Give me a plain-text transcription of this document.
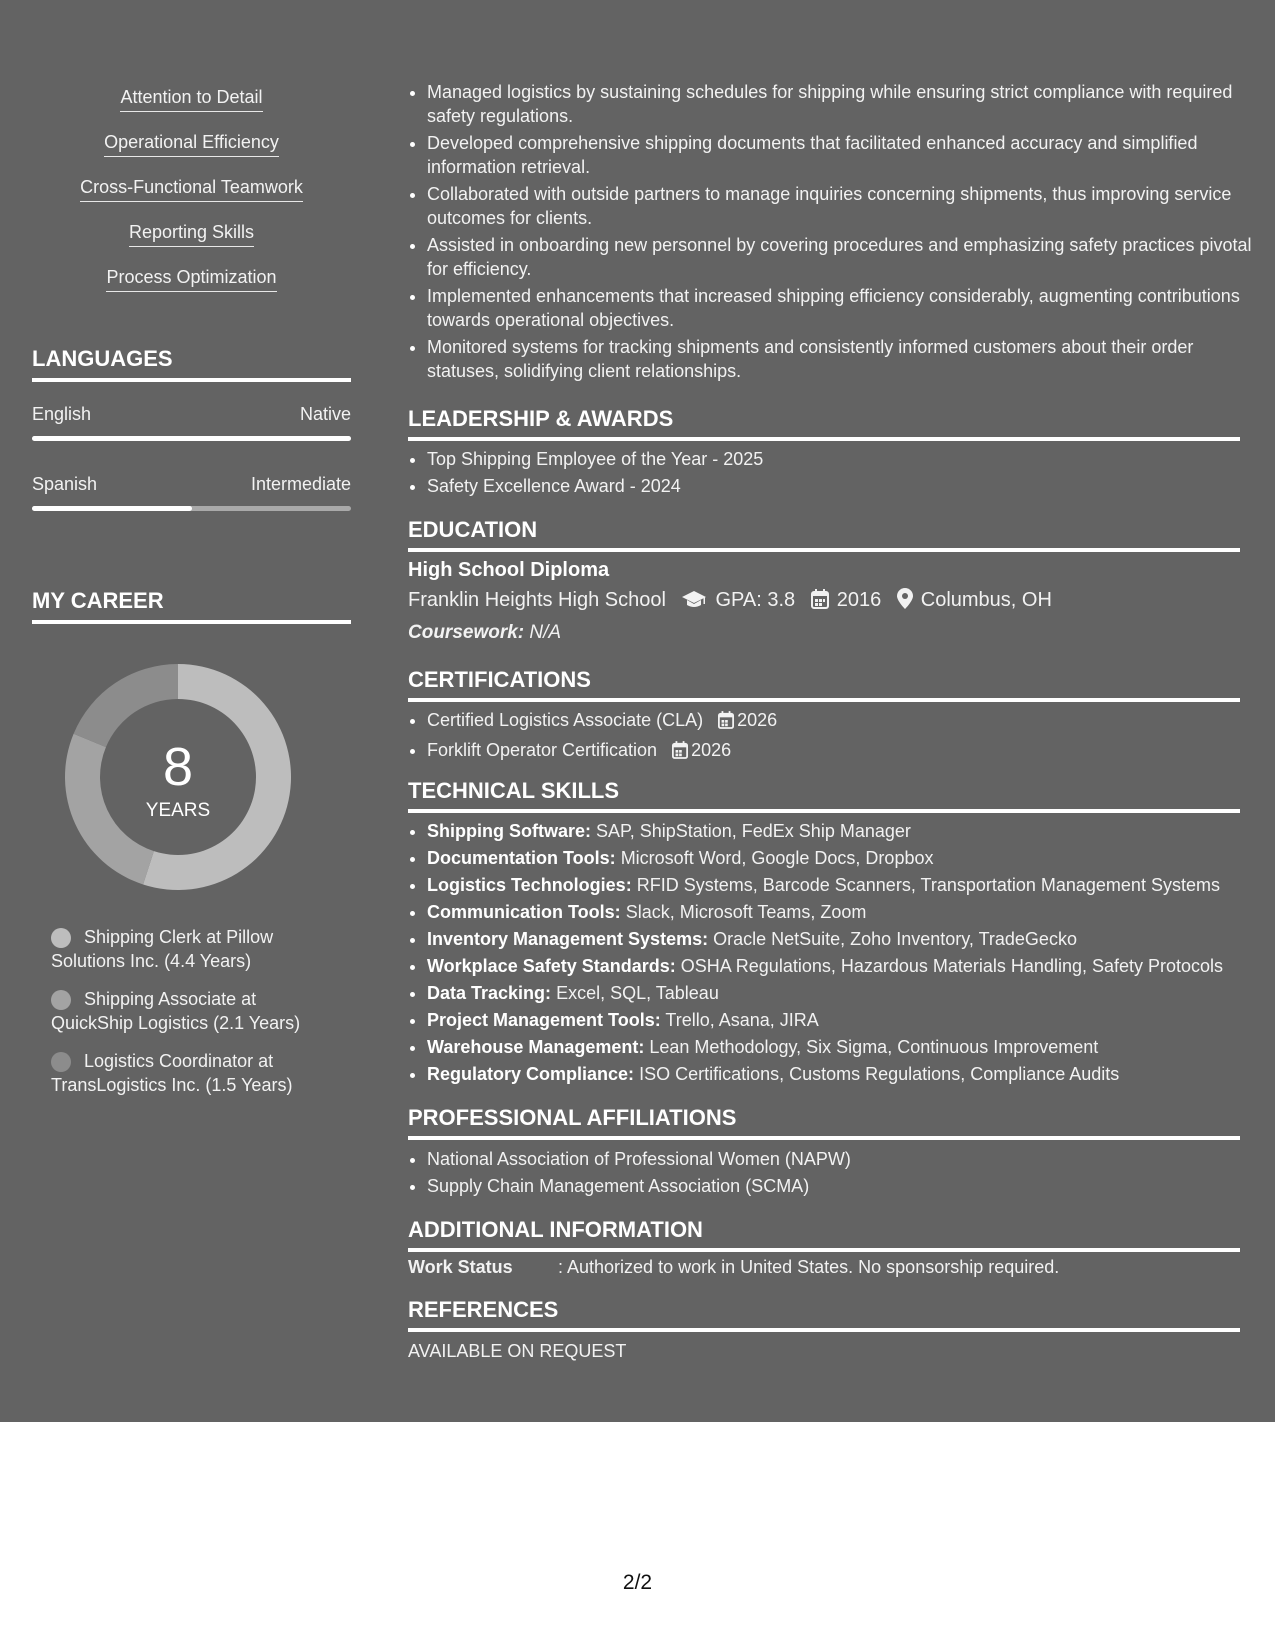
Attention to Detail
Operational Efficiency
Cross-Functional Teamwork
Reporting Skills
Process Optimization
LANGUAGES
English	Native
Spanish	Intermediate
MY CAREER
8
YEARS
Shipping Clerk at Pillow Solutions Inc. (4.4 Years)
Shipping Associate at QuickShip Logistics (2.1 Years)
Logistics Coordinator at TransLogistics Inc. (1.5 Years)
• Managed logistics by sustaining schedules for shipping while ensuring strict compliance with required safety regulations.
• Developed comprehensive shipping documents that facilitated enhanced accuracy and simplified information retrieval.
• Collaborated with outside partners to manage inquiries concerning shipments, thus improving service outcomes for clients.
• Assisted in onboarding new personnel by covering procedures and emphasizing safety practices pivotal for efficiency.
• Implemented enhancements that increased shipping efficiency considerably, augmenting contributions towards operational objectives.
• Monitored systems for tracking shipments and consistently informed customers about their order statuses, solidifying client relationships.
LEADERSHIP & AWARDS
• Top Shipping Employee of the Year - 2025
• Safety Excellence Award - 2024
EDUCATION
High School Diploma
Franklin Heights High School GPA: 3.8 2016 Columbus, OH
Coursework: N/A
CERTIFICATIONS
• Certified Logistics Associate (CLA) 2026
• Forklift Operator Certification 2026
TECHNICAL SKILLS
• Shipping Software: SAP, ShipStation, FedEx Ship Manager
• Documentation Tools: Microsoft Word, Google Docs, Dropbox
• Logistics Technologies: RFID Systems, Barcode Scanners, Transportation Management Systems
• Communication Tools: Slack, Microsoft Teams, Zoom
• Inventory Management Systems: Oracle NetSuite, Zoho Inventory, TradeGecko
• Workplace Safety Standards: OSHA Regulations, Hazardous Materials Handling, Safety Protocols
• Data Tracking: Excel, SQL, Tableau
• Project Management Tools: Trello, Asana, JIRA
• Warehouse Management: Lean Methodology, Six Sigma, Continuous Improvement
• Regulatory Compliance: ISO Certifications, Customs Regulations, Compliance Audits
PROFESSIONAL AFFILIATIONS
• National Association of Professional Women (NAPW)
• Supply Chain Management Association (SCMA)
ADDITIONAL INFORMATION
Work Status	: Authorized to work in United States. No sponsorship required.
REFERENCES
AVAILABLE ON REQUEST
2/2
